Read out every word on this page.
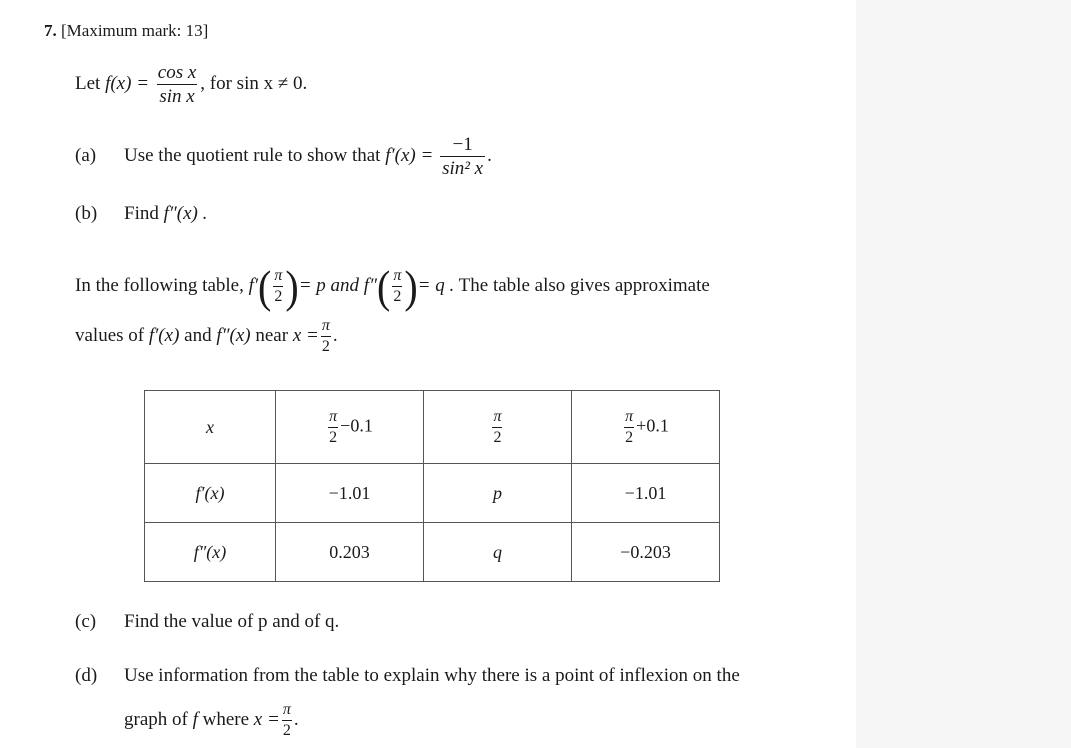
7. [Maximum mark: 13]
Let $f(x) = \frac{\text{cos x}}{\text{sin x}}$ , for sin x ≠ 0.
(a) Use the quotient rule to show that $f'(x) = \frac{-1}{\text{sin² x}}$ .
(b) Find f″(x) .
In the following table, $f'( \frac{\pi}{2}$ )= p and $f''( \frac{\pi}{2}$ )= q . The table also gives approximate
values of f′(x) and f″(x) near $x = \frac{\pi}{2}$ .
x	$\frac{\pi}{2} -0.1$	$\frac{\pi}{2}$	$\frac{\pi}{2} +0.1$
f′(x)	−1.01	p	−1.01
f″(x)	0.203	q	−0.203
(c) Find the value of p and of q.
(d) Use information from the table to explain why there is a point of inflexion on the
graph of f where $x = \frac{\pi}{2}$ .
